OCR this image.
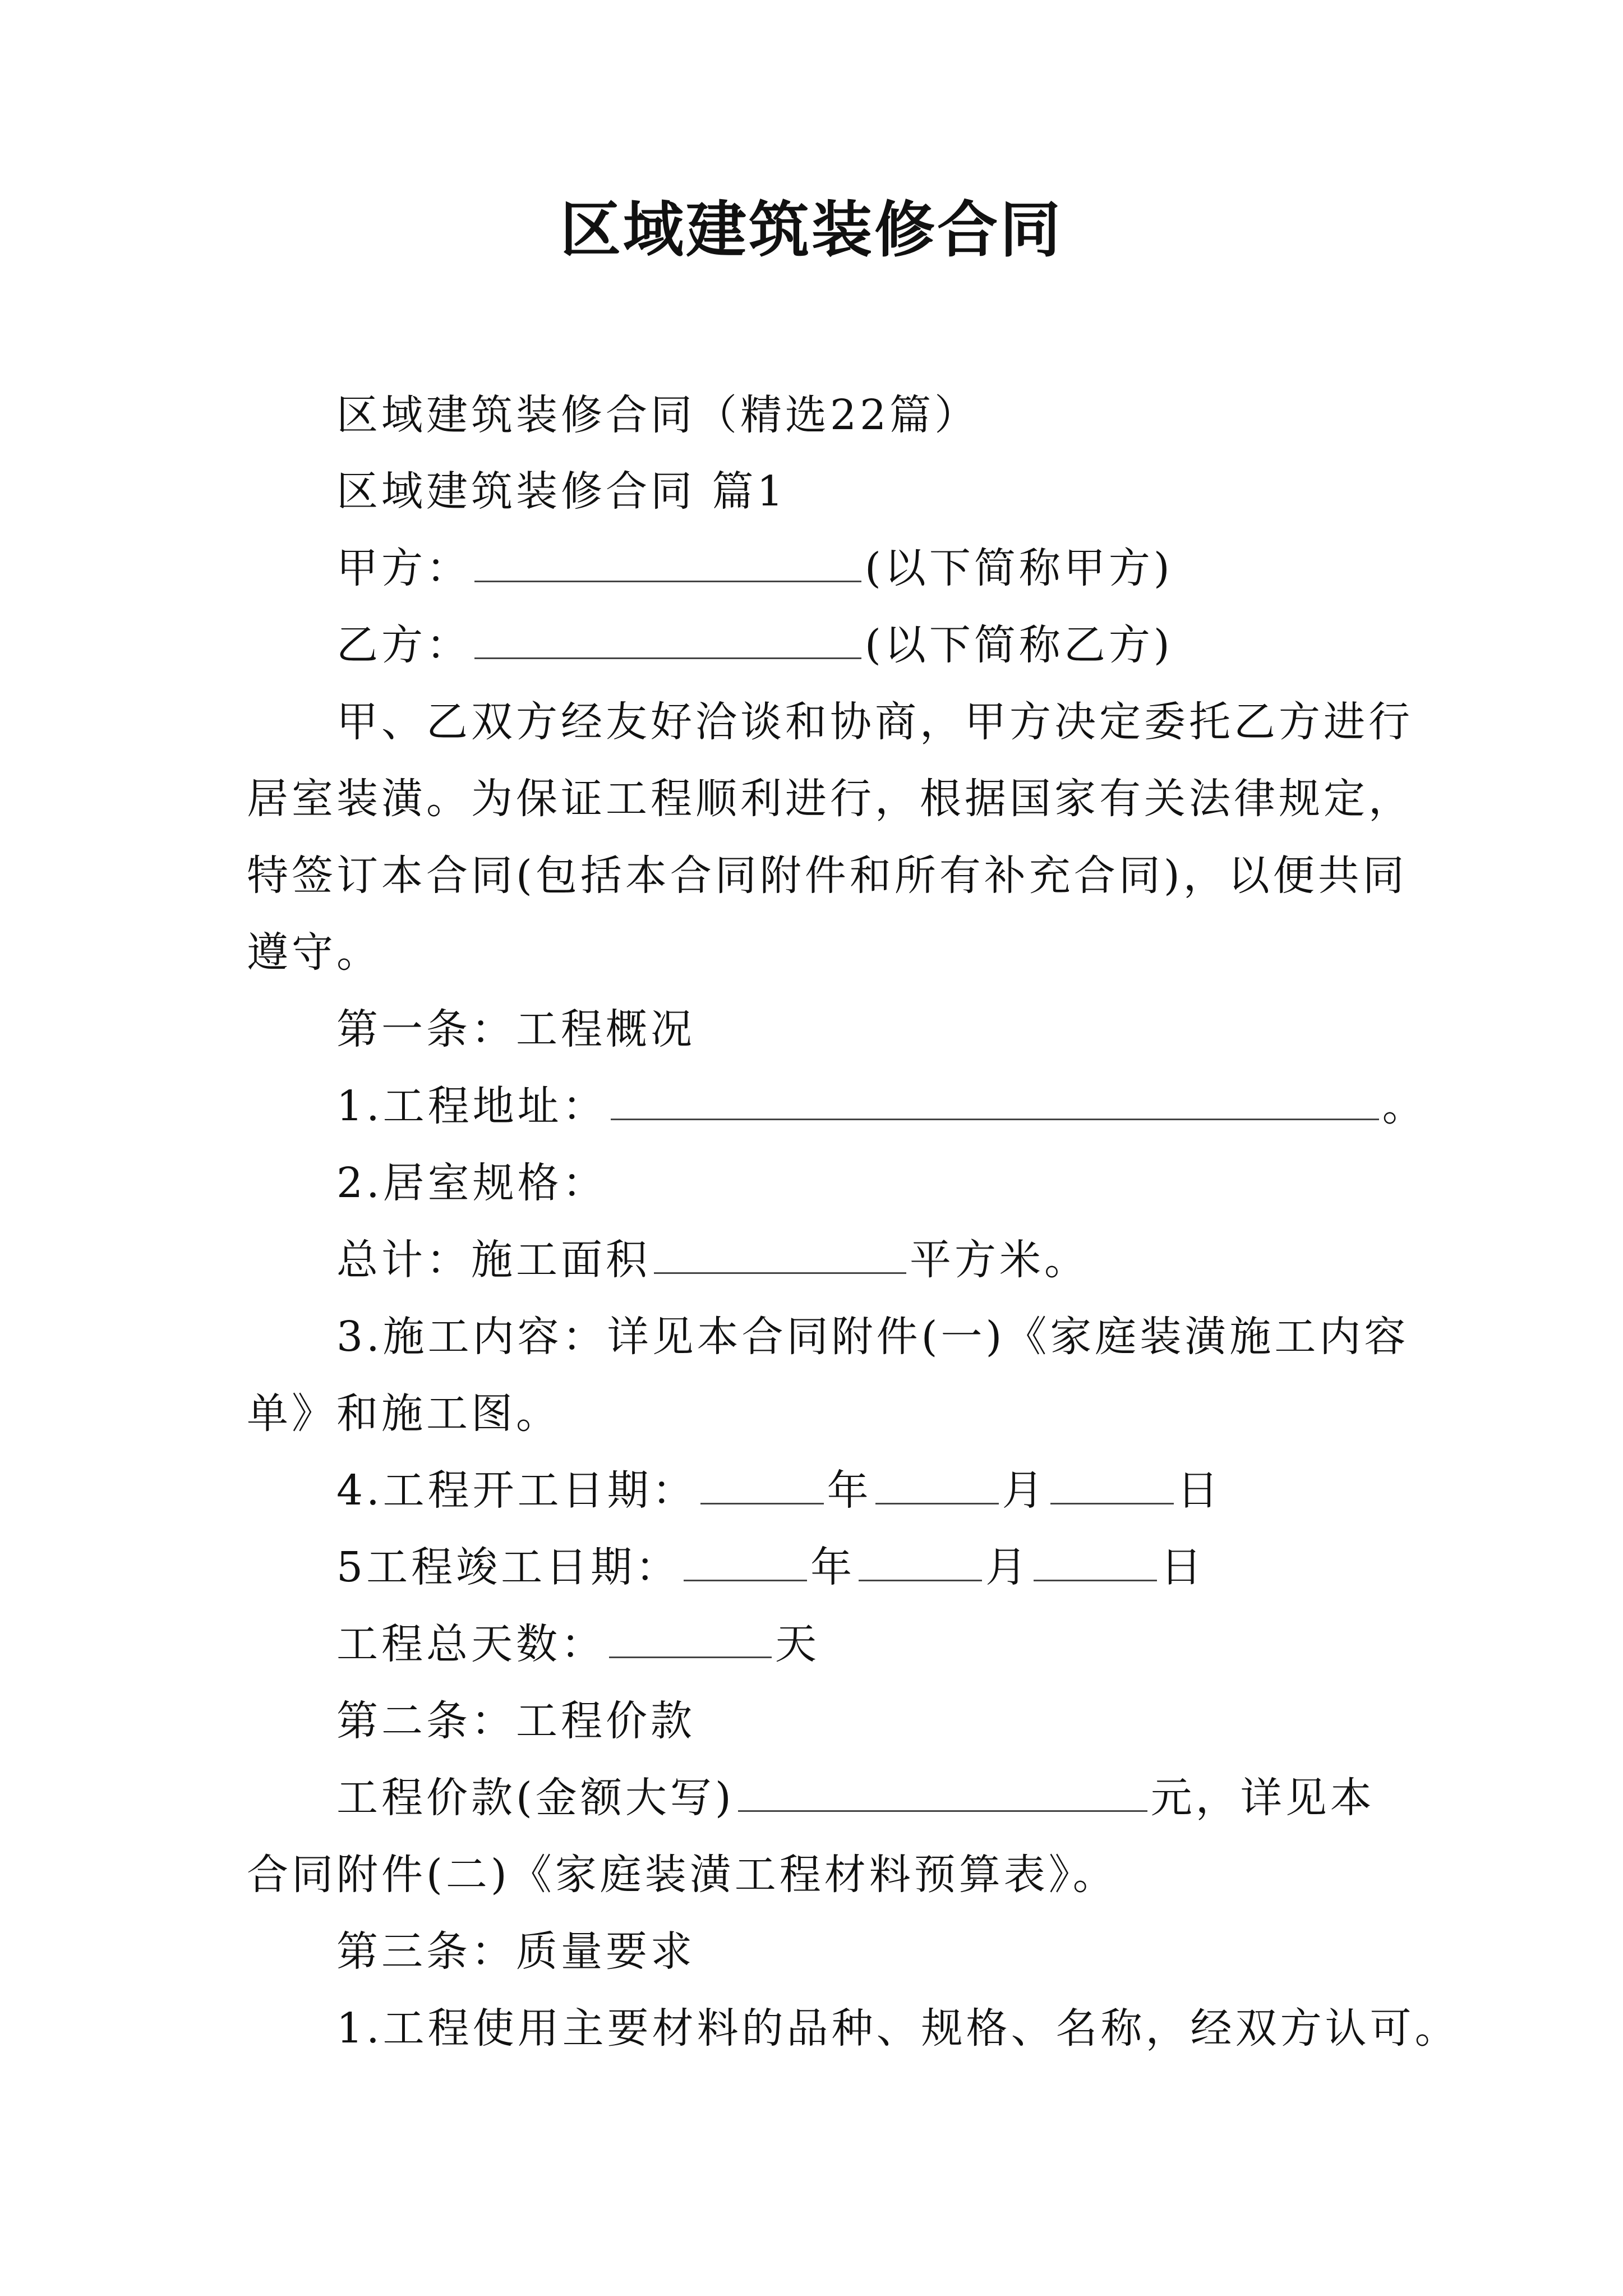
区域建筑装修合同
区域建筑装修合同（精选22篇）
区域建筑装修合同 篇1
甲方：	(以下简称甲方)
乙方：	(以下简称乙方)
甲、乙双方经友好洽谈和协商，甲方决定委托乙方进行
居室装潢。为保证工程顺利进行，根据国家有关法律规定，
特签订本合同(包括本合同附件和所有补充合同)，以便共同
遵守。
第一条：工程概况
1.工程地址：	。
2.居室规格：
总计：施工面积	平方米。
3.施工内容：详见本合同附件(一)《家庭装潢施工内容
单》和施工图。
4.工程开工日期：	年	月	日
5工程竣工日期：	年	月	日
工程总天数：	天
第二条：工程价款
工程价款(金额大写)	元，详见本
合同附件(二)《家庭装潢工程材料预算表》。
第三条：质量要求
1.工程使用主要材料的品种、规格、名称，经双方认可。
